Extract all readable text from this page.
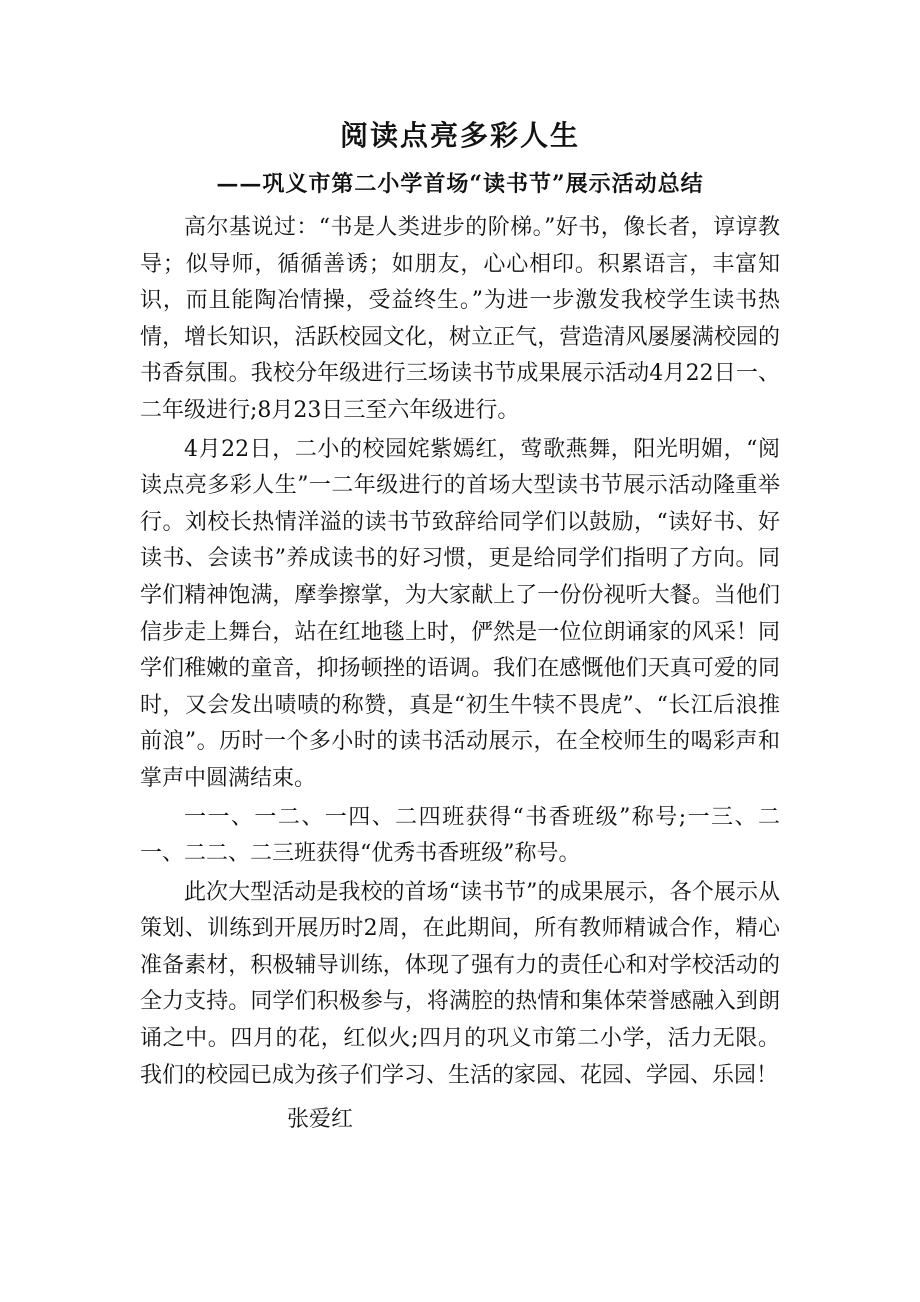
阅读点亮多彩人生
——巩义市第二小学首场“读书节”展示活动总结

高尔基说过：“书是人类进步的阶梯。”好书，像长者，谆谆教导；似导师，循循善诱；如朋友，心心相印。积累语言，丰富知识，而且能陶冶情操，受益终生。”为进一步激发我校学生读书热情，增长知识，活跃校园文化，树立正气，营造清风屡屡满校园的书香氛围。我校分年级进行三场读书节成果展示活动4月22日一、二年级进行;8月23日三至六年级进行。

4月22日，二小的校园姹紫嫣红，莺歌燕舞，阳光明媚，“阅读点亮多彩人生”一二年级进行的首场大型读书节展示活动隆重举行。刘校长热情洋溢的读书节致辞给同学们以鼓励，“读好书、好读书、会读书”养成读书的好习惯，更是给同学们指明了方向。同学们精神饱满，摩拳擦掌，为大家献上了一份份视听大餐。当他们信步走上舞台，站在红地毯上时，俨然是一位位朗诵家的风采！同学们稚嫩的童音，抑扬顿挫的语调。我们在感慨他们天真可爱的同时，又会发出啧啧的称赞，真是“初生牛犊不畏虎”、“长江后浪推前浪”。历时一个多小时的读书活动展示，在全校师生的喝彩声和掌声中圆满结束。

一一、一二、一四、二四班获得“书香班级”称号;一三、二一、二二、二三班获得“优秀书香班级”称号。

此次大型活动是我校的首场“读书节”的成果展示，各个展示从策划、训练到开展历时2周，在此期间，所有教师精诚合作，精心准备素材，积极辅导训练，体现了强有力的责任心和对学校活动的全力支持。同学们积极参与，将满腔的热情和集体荣誉感融入到朗诵之中。四月的花，红似火;四月的巩义市第二小学，活力无限。我们的校园已成为孩子们学习、生活的家园、花园、学园、乐园！

张爱红
